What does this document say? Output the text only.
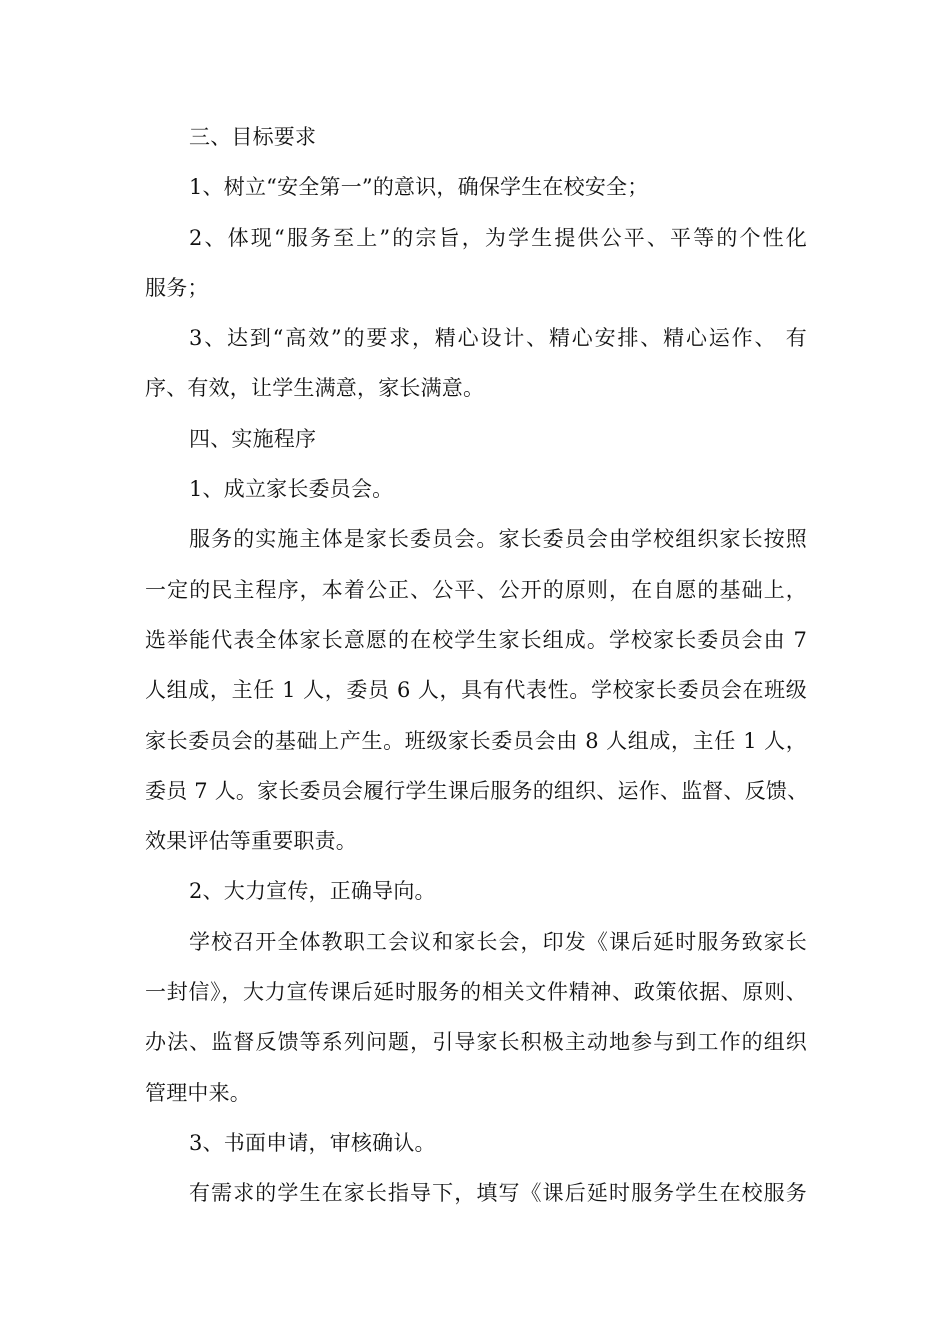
三、目标要求
1、树立“安全第一”的意识，确保学生在校安全；
2、体现“服务至上”的宗旨，为学生提供公平、平等的个性化
服务；
3、达到“高效”的要求，精心设计、精心安排、精心运作、 有
序、有效，让学生满意，家长满意。
四、实施程序
1、成立家长委员会。
服务的实施主体是家长委员会。家长委员会由学校组织家长按照
一定的民主程序，本着公正、公平、公开的原则，在自愿的基础上，
选举能代表全体家长意愿的在校学生家长组成。学校家长委员会由 7
人组成，主任 1 人，委员 6 人，具有代表性。学校家长委员会在班级
家长委员会的基础上产生。班级家长委员会由 8 人组成，主任 1 人，
委员 7 人。家长委员会履行学生课后服务的组织、运作、监督、反馈、
效果评估等重要职责。
2、大力宣传，正确导向。
学校召开全体教职工会议和家长会，印发《课后延时服务致家长
一封信》，大力宣传课后延时服务的相关文件精神、政策依据、原则、
办法、监督反馈等系列问题，引导家长积极主动地参与到工作的组织
管理中来。
3、书面申请，审核确认。
有需求的学生在家长指导下，填写《课后延时服务学生在校服务
